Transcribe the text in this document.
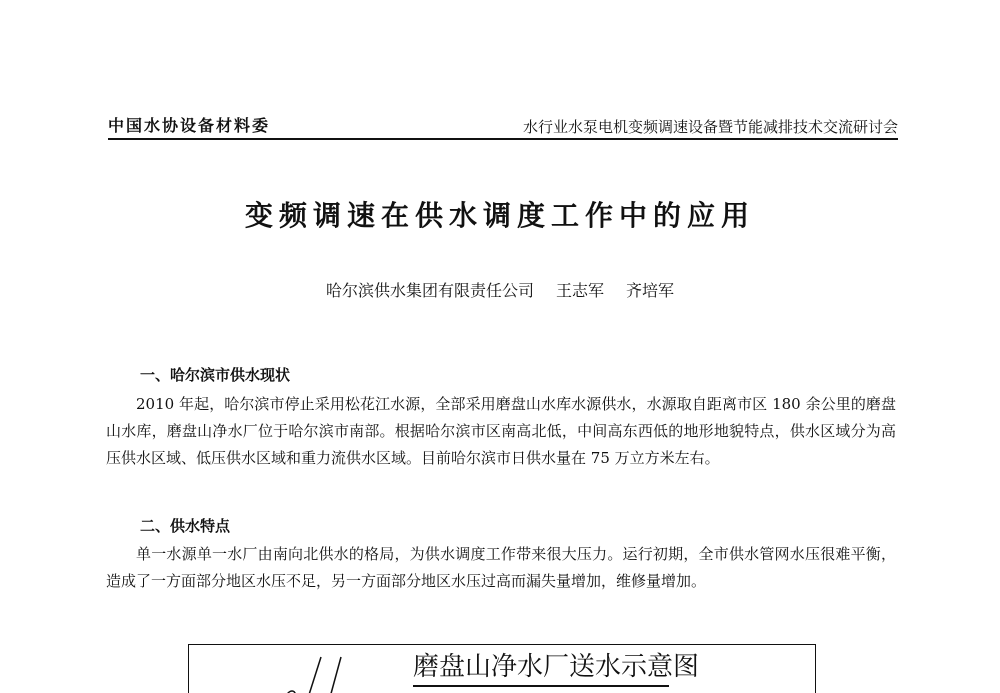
中国水协设备材料委	水行业水泵电机变频调速设备暨节能减排技术交流研讨会
变频调速在供水调度工作中的应用
哈尔滨供水集团有限责任公司 王志军 齐培军
一、哈尔滨市供水现状
2010 年起，哈尔滨市停止采用松花江水源，全部采用磨盘山水库水源供水，水源取自距离市区 180 余公里的磨盘山水库，磨盘山净水厂位于哈尔滨市南部。根据哈尔滨市区南高北低，中间高东西低的地形地貌特点，供水区域分为高压供水区域、低压供水区域和重力流供水区域。目前哈尔滨市日供水量在 75 万立方米左右。
二、供水特点
单一水源单一水厂由南向北供水的格局，为供水调度工作带来很大压力。运行初期，全市供水管网水压很难平衡，造成了一方面部分地区水压不足，另一方面部分地区水压过高而漏失量增加，维修量增加。
磨盘山净水厂送水示意图
